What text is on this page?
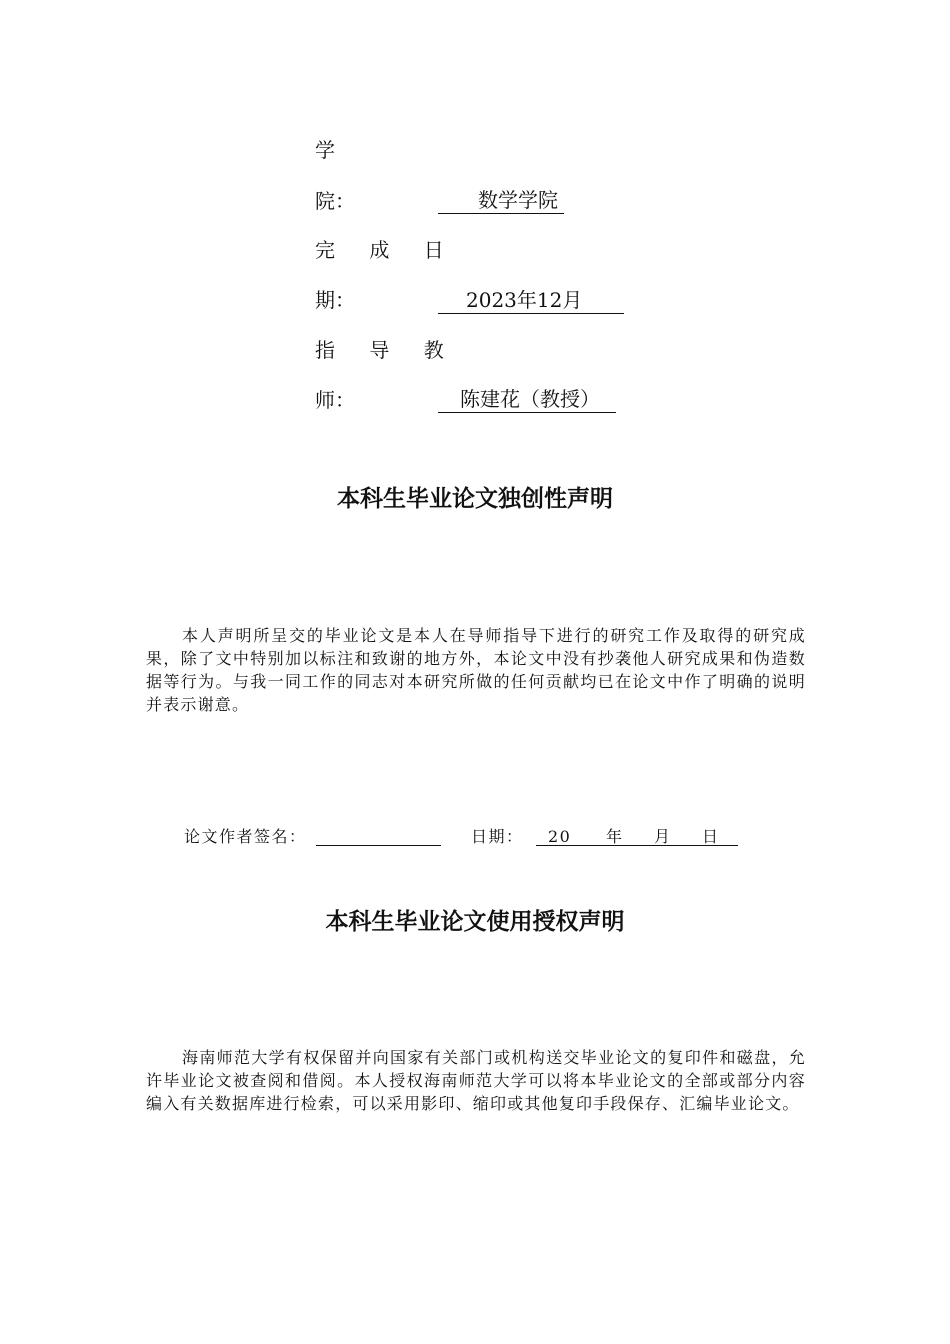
学
院：	数学学院
完 成 日
期：	2023年12月
指 导 教
师：	陈建花（教授）
本科生毕业论文独创性声明
本人声明所呈交的毕业论文是本人在导师指导下进行的研究工作及取得的研究成果，除了文中特别加以标注和致谢的地方外，本论文中没有抄袭他人研究成果和伪造数据等行为。与我一同工作的同志对本研究所做的任何贡献均已在论文中作了明确的说明并表示谢意。
论文作者签名：	日期： 20 年 月 日
本科生毕业论文使用授权声明
海南师范大学有权保留并向国家有关部门或机构送交毕业论文的复印件和磁盘，允许毕业论文被查阅和借阅。本人授权海南师范大学可以将本毕业论文的全部或部分内容编入有关数据库进行检索，可以采用影印、缩印或其他复印手段保存、汇编毕业论文。
